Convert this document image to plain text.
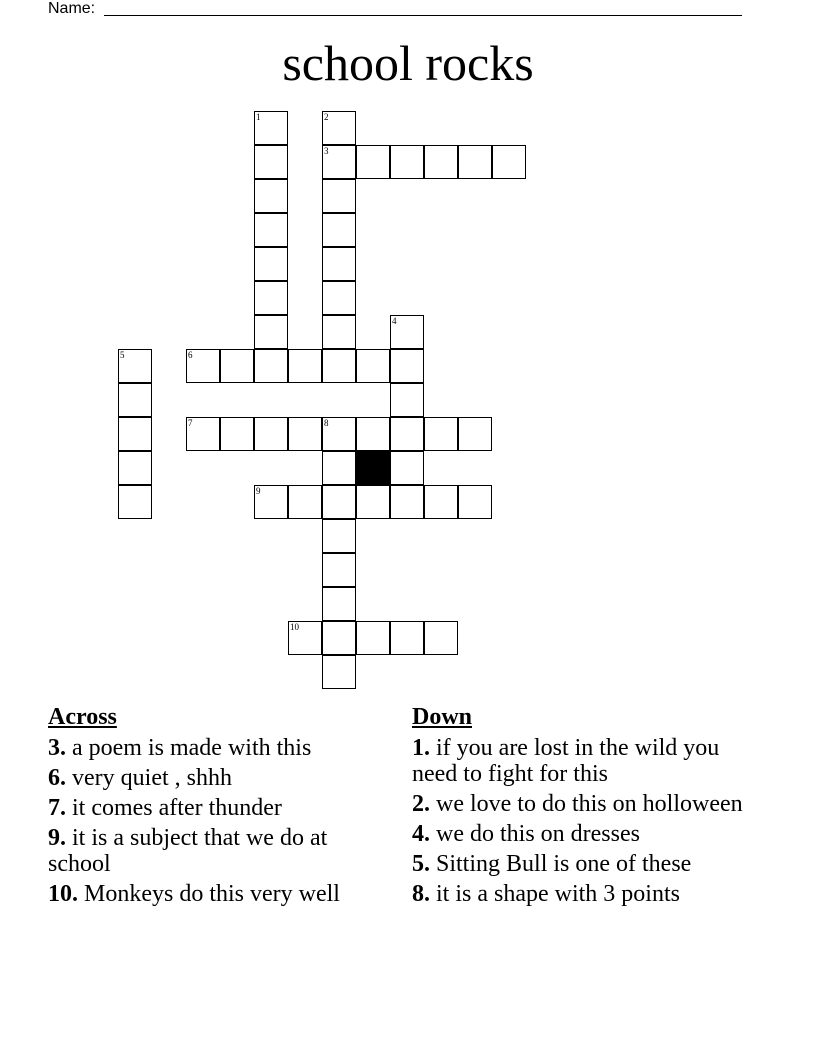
Name:
school rocks
1	2
3
4
5	6
7	8
9
10
Across
3. a poem is made with this
6. very quiet , shhh
7. it comes after thunder
9. it is a subject that we do at school
10. Monkeys do this very well
Down
1. if you are lost in the wild you need to fight for this
2. we love to do this on holloween
4. we do this on dresses
5. Sitting Bull is one of these
8. it is a shape with 3 points
